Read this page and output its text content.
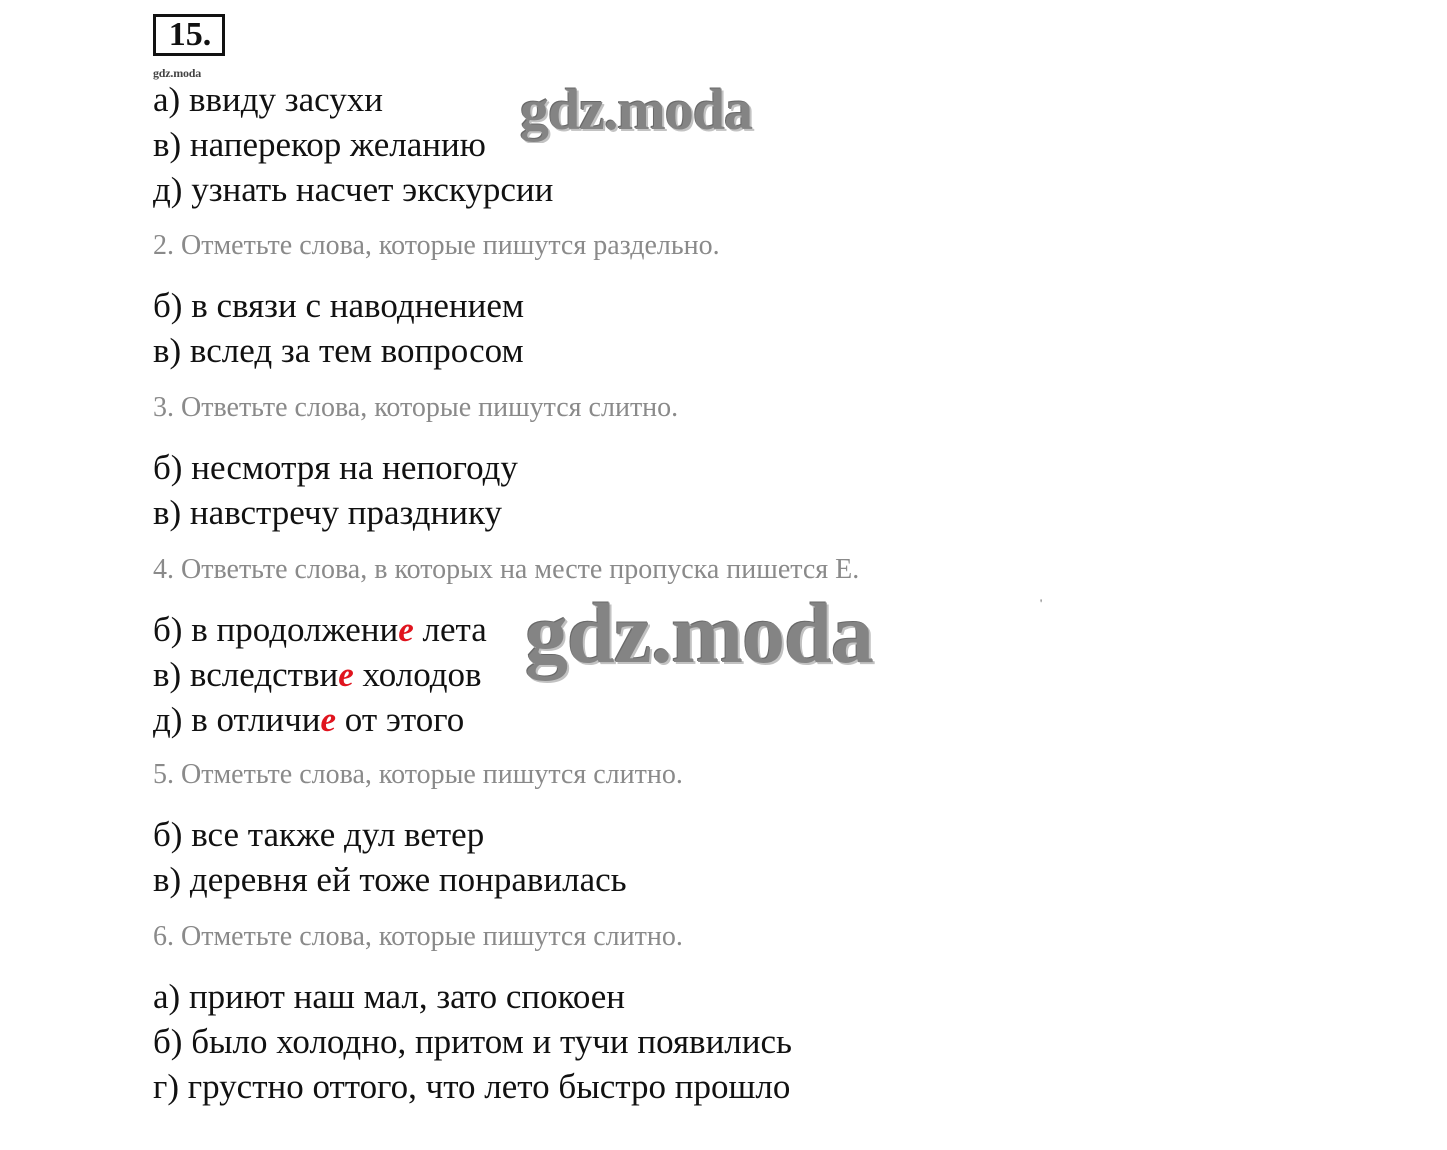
15.
gdz.moda
а) ввиду засухи
в) наперекор желанию
д) узнать насчет экскурсии
2. Отметьте слова, которые пишутся раздельно.
б) в связи с наводнением
в) вслед за тем вопросом
3. Ответьте слова, которые пишутся слитно.
б) несмотря на непогоду
в) навстречу празднику
4. Ответьте слова, в которых на месте пропуска пишется Е.
б) в продолжение лета
в) вследствие холодов
д) в отличие от этого
5. Отметьте слова, которые пишутся слитно.
б) все также дул ветер
в) деревня ей тоже понравилась
6. Отметьте слова, которые пишутся слитно.
а) приют наш мал, зато спокоен
б) было холодно, притом и тучи появились
г) грустно оттого, что лето быстро прошло
gdz.moda
gdz.moda	'
